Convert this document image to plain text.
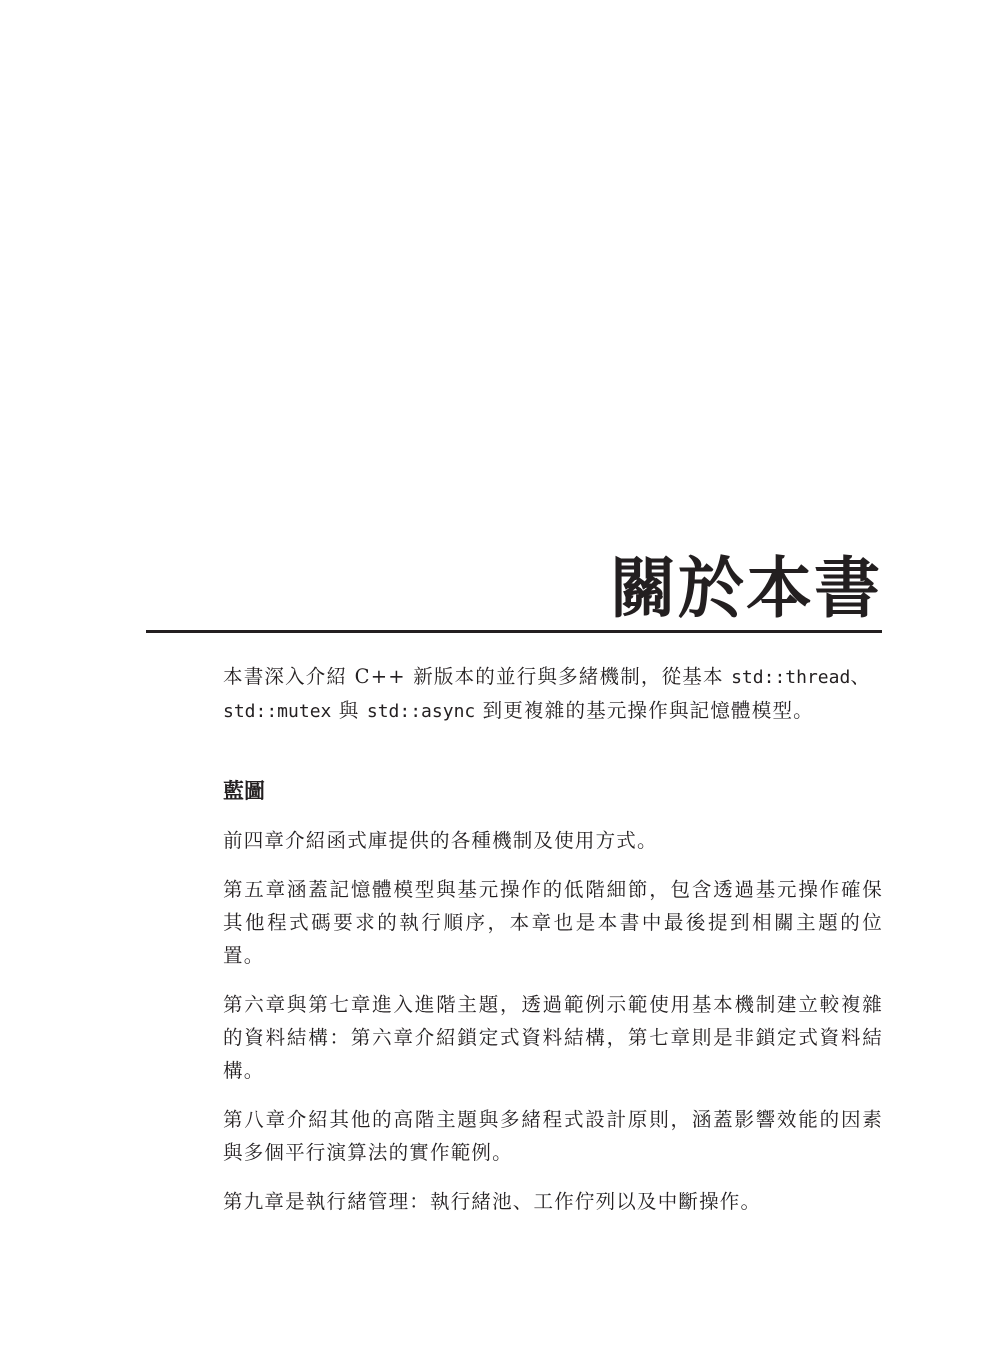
關於本書

本書深入介紹 C++ 新版本的並行與多緒機制，從基本 std::thread、
std::mutex 與 std::async 到更複雜的基元操作與記憶體模型。

藍圖

前四章介紹函式庫提供的各種機制及使用方式。

第五章涵蓋記憶體模型與基元操作的低階細節，包含透過基元操作確保其他程式碼要求的執行順序，本章也是本書中最後提到相關主題的位置。

第六章與第七章進入進階主題，透過範例示範使用基本機制建立較複雜的資料結構：第六章介紹鎖定式資料結構，第七章則是非鎖定式資料結構。

第八章介紹其他的高階主題與多緒程式設計原則，涵蓋影響效能的因素與多個平行演算法的實作範例。

第九章是執行緒管理：執行緒池、工作佇列以及中斷操作。
